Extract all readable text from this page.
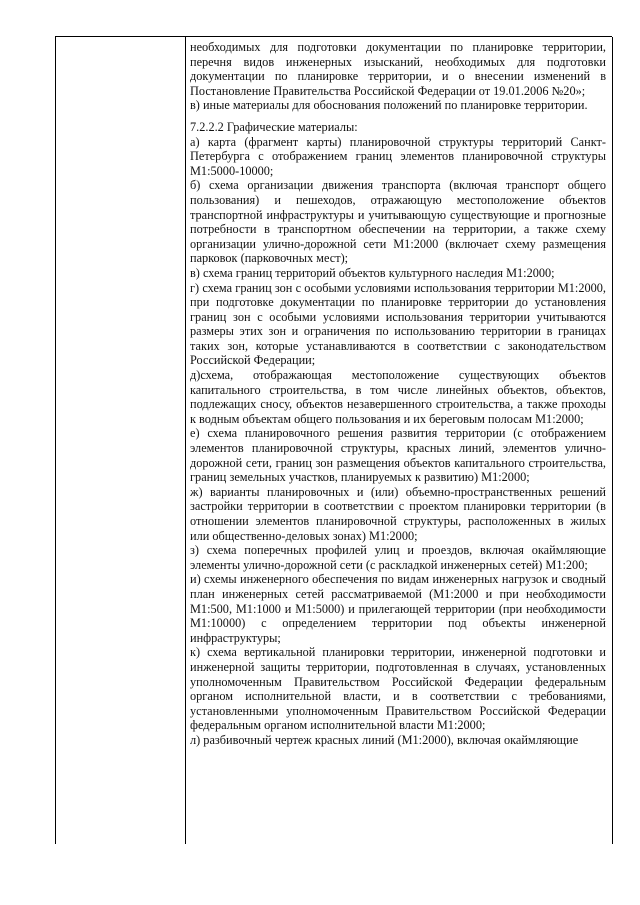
необходимых для подготовки документации по планировке территории, перечня видов инженерных изысканий, необходимых для подготовки документации по планировке территории, и о внесении изменений в Постановление Правительства Российской Федерации от 19.01.2006 №20»;

в) иные материалы для обоснования положений по планировке территории.

7.2.2.2 Графические материалы:

а) карта (фрагмент карты) планировочной структуры территорий Санкт-Петербурга с отображением границ элементов планировочной структуры М1:5000-10000;

б) схема организации движения транспорта (включая транспорт общего пользования) и пешеходов, отражающую местоположение объектов транспортной инфраструктуры и учитывающую существующие и прогнозные потребности в транспортном обеспечении на территории, а также схему организации улично-дорожной сети М1:2000 (включает схему размещения парковок (парковочных мест);

в) схема границ территорий объектов культурного наследия М1:2000;

г) схема границ зон с особыми условиями использования территории М1:2000, при подготовке документации по планировке территории до установления границ зон с особыми условиями использования территории учитываются размеры этих зон и ограничения по использованию территории в границах таких зон, которые устанавливаются в соответствии с законодательством Российской Федерации;

д)схема, отображающая местоположение существующих объектов капитального строительства, в том числе линейных объектов, объектов, подлежащих сносу, объектов незавершенного строительства, а также проходы к водным объектам общего пользования и их береговым полосам М1:2000;

е) схема планировочного решения развития территории (с отображением элементов планировочной структуры, красных линий, элементов улично-дорожной сети, границ зон размещения объектов капитального строительства, границ земельных участков, планируемых к развитию) М1:2000;

ж) варианты планировочных и (или) объемно-пространственных решений застройки территории в соответствии с проектом планировки территории (в отношении элементов планировочной структуры, расположенных в жилых или общественно-деловых зонах) М1:2000;

з) схема поперечных профилей улиц и проездов, включая окаймляющие элементы улично-дорожной сети (с раскладкой инженерных сетей) М1:200;

и) схемы инженерного обеспечения по видам инженерных нагрузок и сводный план инженерных сетей рассматриваемой (М1:2000 и при необходимости М1:500, М1:1000 и М1:5000) и прилегающей территории (при необходимости М1:10000) с определением территории под объекты инженерной инфраструктуры;

к) схема вертикальной планировки территории, инженерной подготовки и инженерной защиты территории, подготовленная в случаях, установленных уполномоченным Правительством Российской Федерации федеральным органом исполнительной власти, и в соответствии с требованиями, установленными уполномоченным Правительством Российской Федерации федеральным органом исполнительной власти М1:2000;

л) разбивочный чертеж красных линий (М1:2000), включая окаймляющие
